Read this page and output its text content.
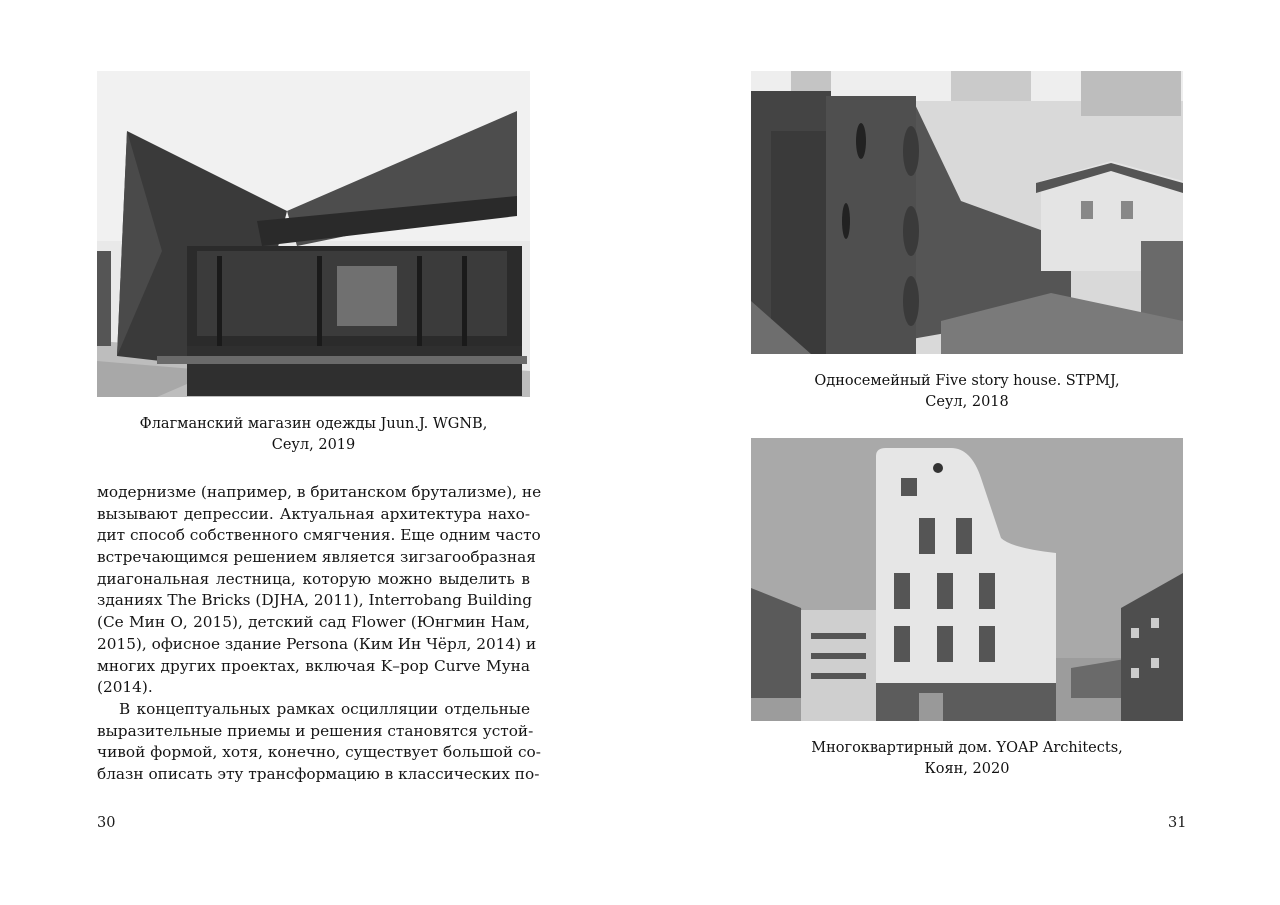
Флагманский магазин одежды Juun.J. WGNB,
Сеул, 2019
модернизме (например, в британском брутализме), не
вызывают депрессии. Актуальная архитектура нахо-
дит способ собственного смягчения. Еще одним часто
встречающимся решением является зигзагообразная
диагональная лестница, которую можно выделить в
зданиях The Bricks (DJHA, 2011), Interrobang Building
(Се Мин О, 2015), детский сад Flower (Юнгмин Нам,
2015), офисное здание Persona (Ким Ин Чёрл, 2014) и
многих других проектах, включая K–pop Curve Муна
(2014).
В концептуальных рамках осцилляции отдельные
выразительные приемы и решения становятся устой-
чивой формой, хотя, конечно, существует большой со-
блазн описать эту трансформацию в классических по-
30
Односемейный Five story house. STPMJ,
Сеул, 2018
Многоквартирный дом. YOAP Architects,
Коян, 2020
31
